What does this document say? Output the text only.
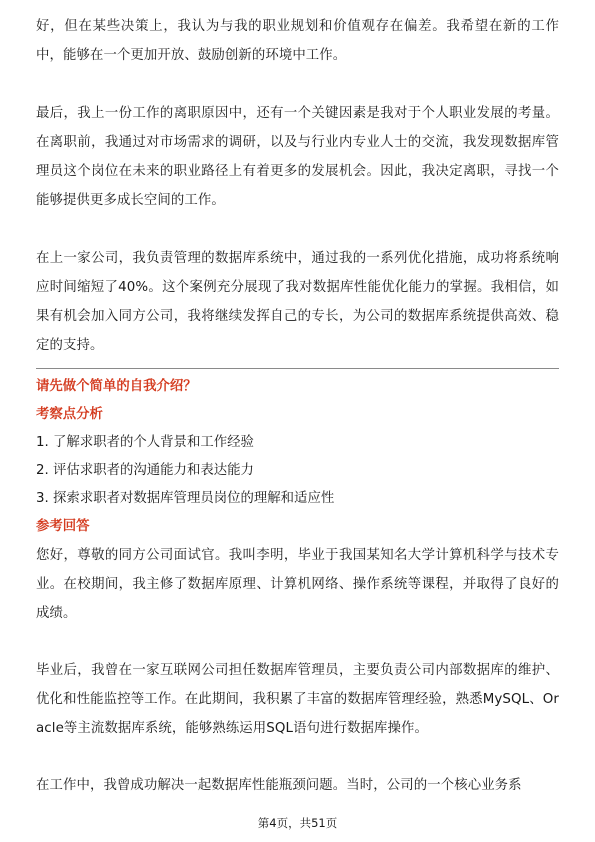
好，但在某些决策上，我认为与我的职业规划和价值观存在偏差。我希望在新的工作中，能够在一个更加开放、鼓励创新的环境中工作。

最后，我上一份工作的离职原因中，还有一个关键因素是我对于个人职业发展的考量。在离职前，我通过对市场需求的调研，以及与行业内专业人士的交流，我发现数据库管理员这个岗位在未来的职业路径上有着更多的发展机会。因此，我决定离职，寻找一个能够提供更多成长空间的工作。

在上一家公司，我负责管理的数据库系统中，通过我的一系列优化措施，成功将系统响应时间缩短了40%。这个案例充分展现了我对数据库性能优化能力的掌握。我相信，如果有机会加入同方公司，我将继续发挥自己的专长，为公司的数据库系统提供高效、稳定的支持。

请先做个简单的自我介绍？

考察点分析

1. 了解求职者的个人背景和工作经验

2. 评估求职者的沟通能力和表达能力

3. 探索求职者对数据库管理员岗位的理解和适应性

参考回答

您好，尊敬的同方公司面试官。我叫李明，毕业于我国某知名大学计算机科学与技术专业。在校期间，我主修了数据库原理、计算机网络、操作系统等课程，并取得了良好的成绩。

毕业后，我曾在一家互联网公司担任数据库管理员，主要负责公司内部数据库的维护、优化和性能监控等工作。在此期间，我积累了丰富的数据库管理经验，熟悉MySQL、Oracle等主流数据库系统，能够熟练运用SQL语句进行数据库操作。

在工作中，我曾成功解决一起数据库性能瓶颈问题。当时，公司的一个核心业务系

第4页，共51页
